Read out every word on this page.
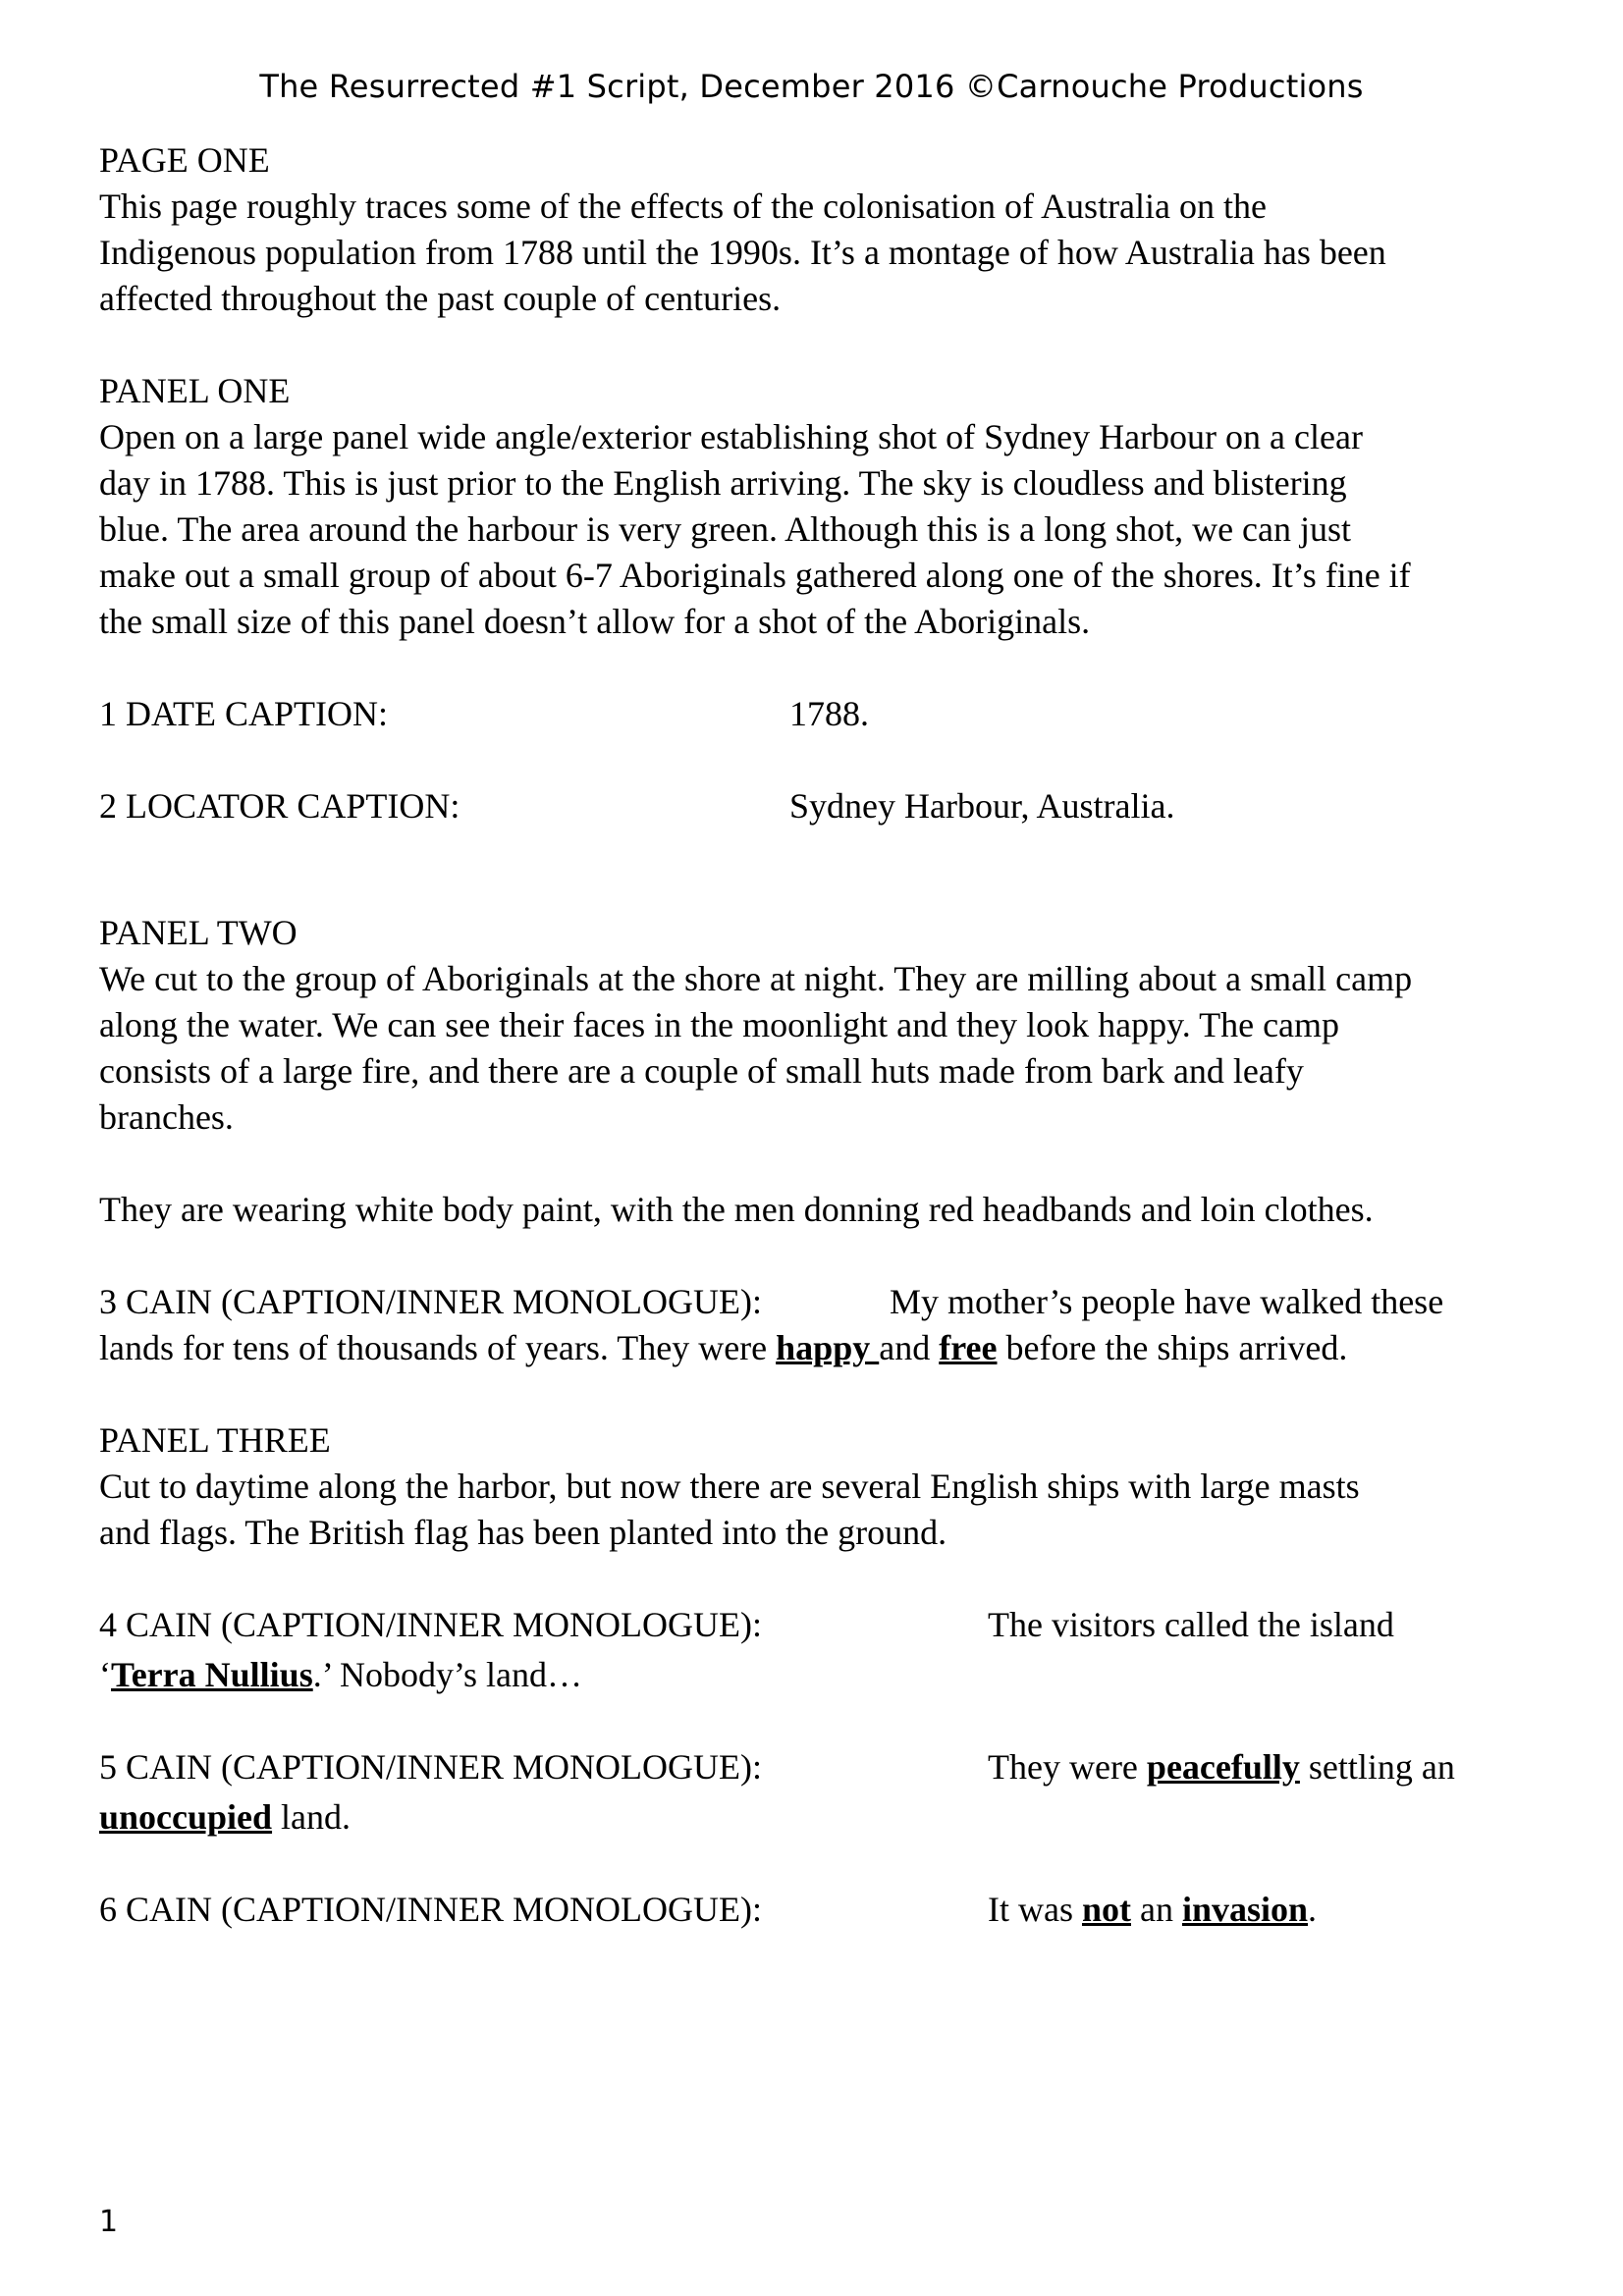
The Resurrected #1 Script, December 2016 ©Carnouche Productions
PAGE ONE
This page roughly traces some of the effects of the colonisation of Australia on the
Indigenous population from 1788 until the 1990s. It’s a montage of how Australia has been
affected throughout the past couple of centuries.
PANEL ONE
Open on a large panel wide angle/exterior establishing shot of Sydney Harbour on a clear
day in 1788. This is just prior to the English arriving. The sky is cloudless and blistering
blue. The area around the harbour is very green. Although this is a long shot, we can just
make out a small group of about 6-7 Aboriginals gathered along one of the shores. It’s fine if
the small size of this panel doesn’t allow for a shot of the Aboriginals.
1 DATE CAPTION:	1788.
2 LOCATOR CAPTION:	Sydney Harbour, Australia.
PANEL TWO
We cut to the group of Aboriginals at the shore at night. They are milling about a small camp
along the water. We can see their faces in the moonlight and they look happy. The camp
consists of a large fire, and there are a couple of small huts made from bark and leafy
branches.
They are wearing white body paint, with the men donning red headbands and loin clothes.
3 CAIN (CAPTION/INNER MONOLOGUE):	My mother’s people have walked these
lands for tens of thousands of years. They were happy and free before the ships arrived.
PANEL THREE
Cut to daytime along the harbor, but now there are several English ships with large masts
and flags. The British flag has been planted into the ground.
4 CAIN (CAPTION/INNER MONOLOGUE):	The visitors called the island
‘Terra Nullius.’ Nobody’s land…
5 CAIN (CAPTION/INNER MONOLOGUE):	They were peacefully settling an
unoccupied land.
6 CAIN (CAPTION/INNER MONOLOGUE):	It was not an invasion.
1
